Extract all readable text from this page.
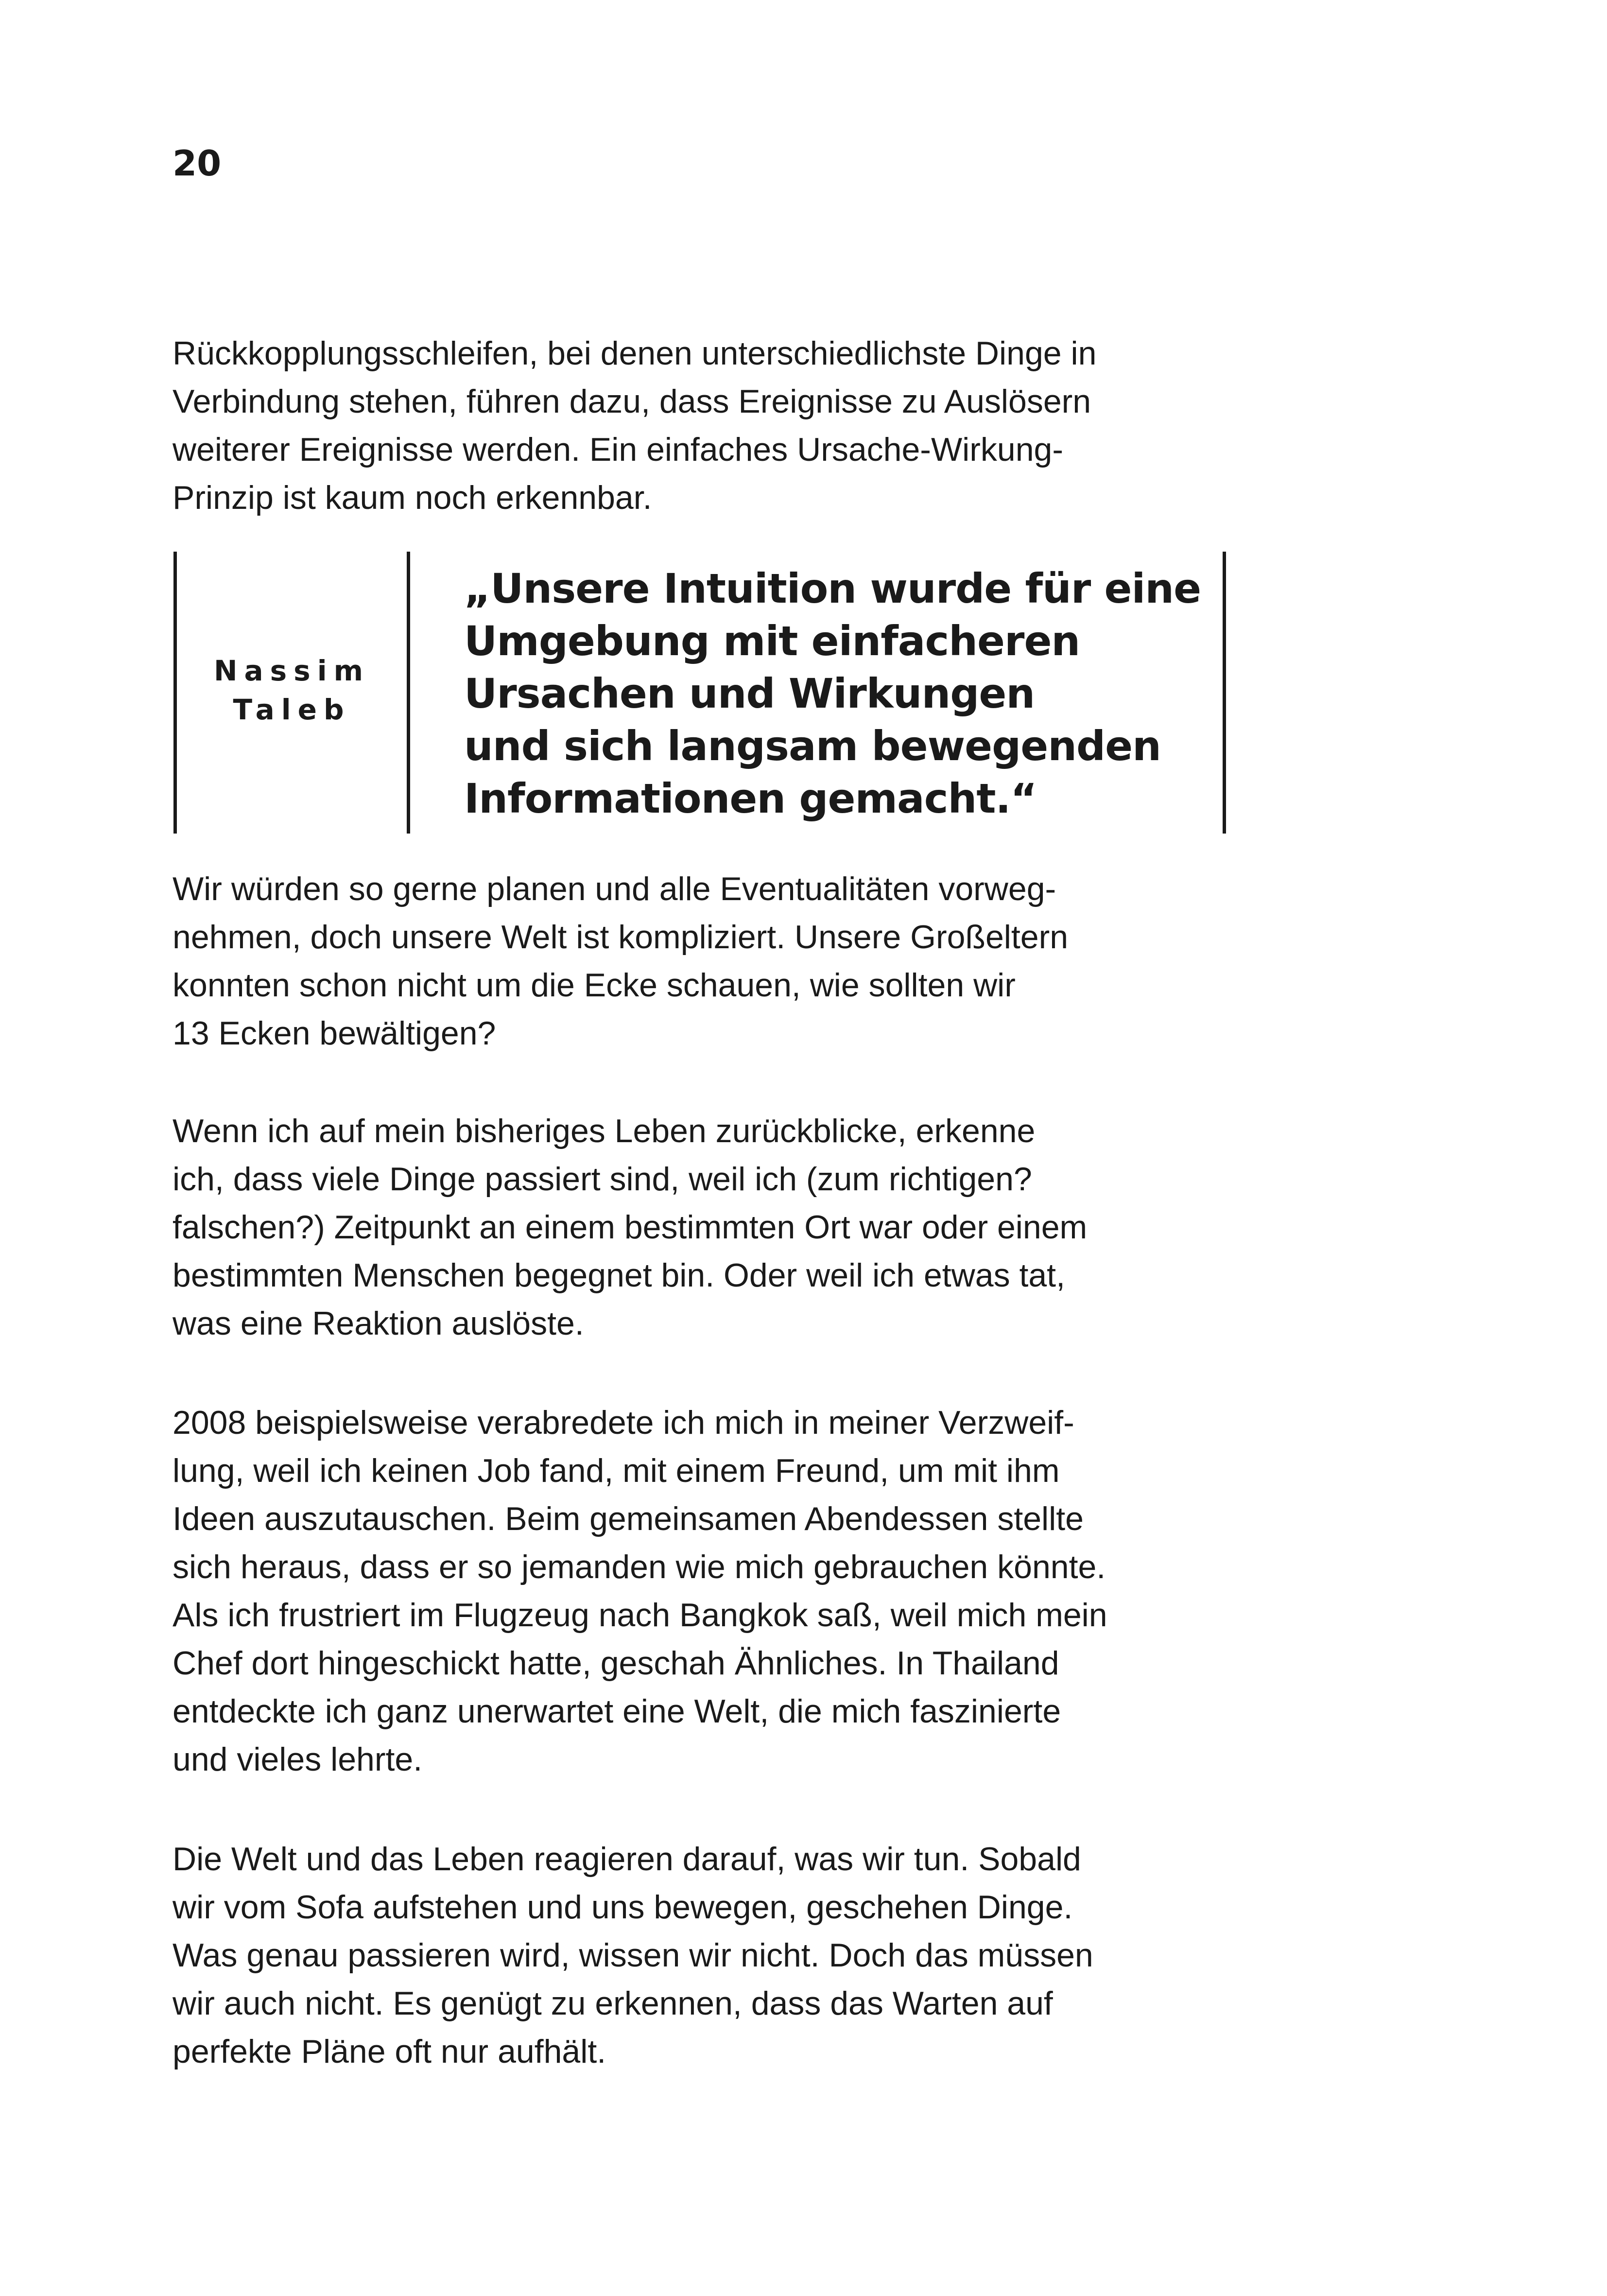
20
Rückkopplungsschleifen, bei denen unterschiedlichste Dinge in
Verbindung stehen, führen dazu, dass Ereignisse zu Auslösern
weiterer Ereignisse werden. Ein einfaches Ursache-Wirkung-
Prinzip ist kaum noch erkennbar.
Nassim
Taleb
„Unsere Intuition wurde für eine
Umgebung mit einfacheren
Ursachen und Wirkungen
und sich langsam bewegenden
Informationen gemacht.“
Wir würden so gerne planen und alle Eventualitäten vorweg-
nehmen, doch unsere Welt ist kompliziert. Unsere Großeltern
konnten schon nicht um die Ecke schauen, wie sollten wir
13 Ecken bewältigen?
Wenn ich auf mein bisheriges Leben zurückblicke, erkenne
ich, dass viele Dinge passiert sind, weil ich (zum richtigen?
falschen?) Zeitpunkt an einem bestimmten Ort war oder einem
bestimmten Menschen begegnet bin. Oder weil ich etwas tat,
was eine Reaktion auslöste.
2008 beispielsweise verabredete ich mich in meiner Verzweif-
lung, weil ich keinen Job fand, mit einem Freund, um mit ihm
Ideen auszutauschen. Beim gemeinsamen Abendessen stellte
sich heraus, dass er so jemanden wie mich gebrauchen könnte.
Als ich frustriert im Flugzeug nach Bangkok saß, weil mich mein
Chef dort hingeschickt hatte, geschah Ähnliches. In Thailand
entdeckte ich ganz unerwartet eine Welt, die mich faszinierte
und vieles lehrte.
Die Welt und das Leben reagieren darauf, was wir tun. Sobald
wir vom Sofa aufstehen und uns bewegen, geschehen Dinge.
Was genau passieren wird, wissen wir nicht. Doch das müssen
wir auch nicht. Es genügt zu erkennen, dass das Warten auf
perfekte Pläne oft nur aufhält.
